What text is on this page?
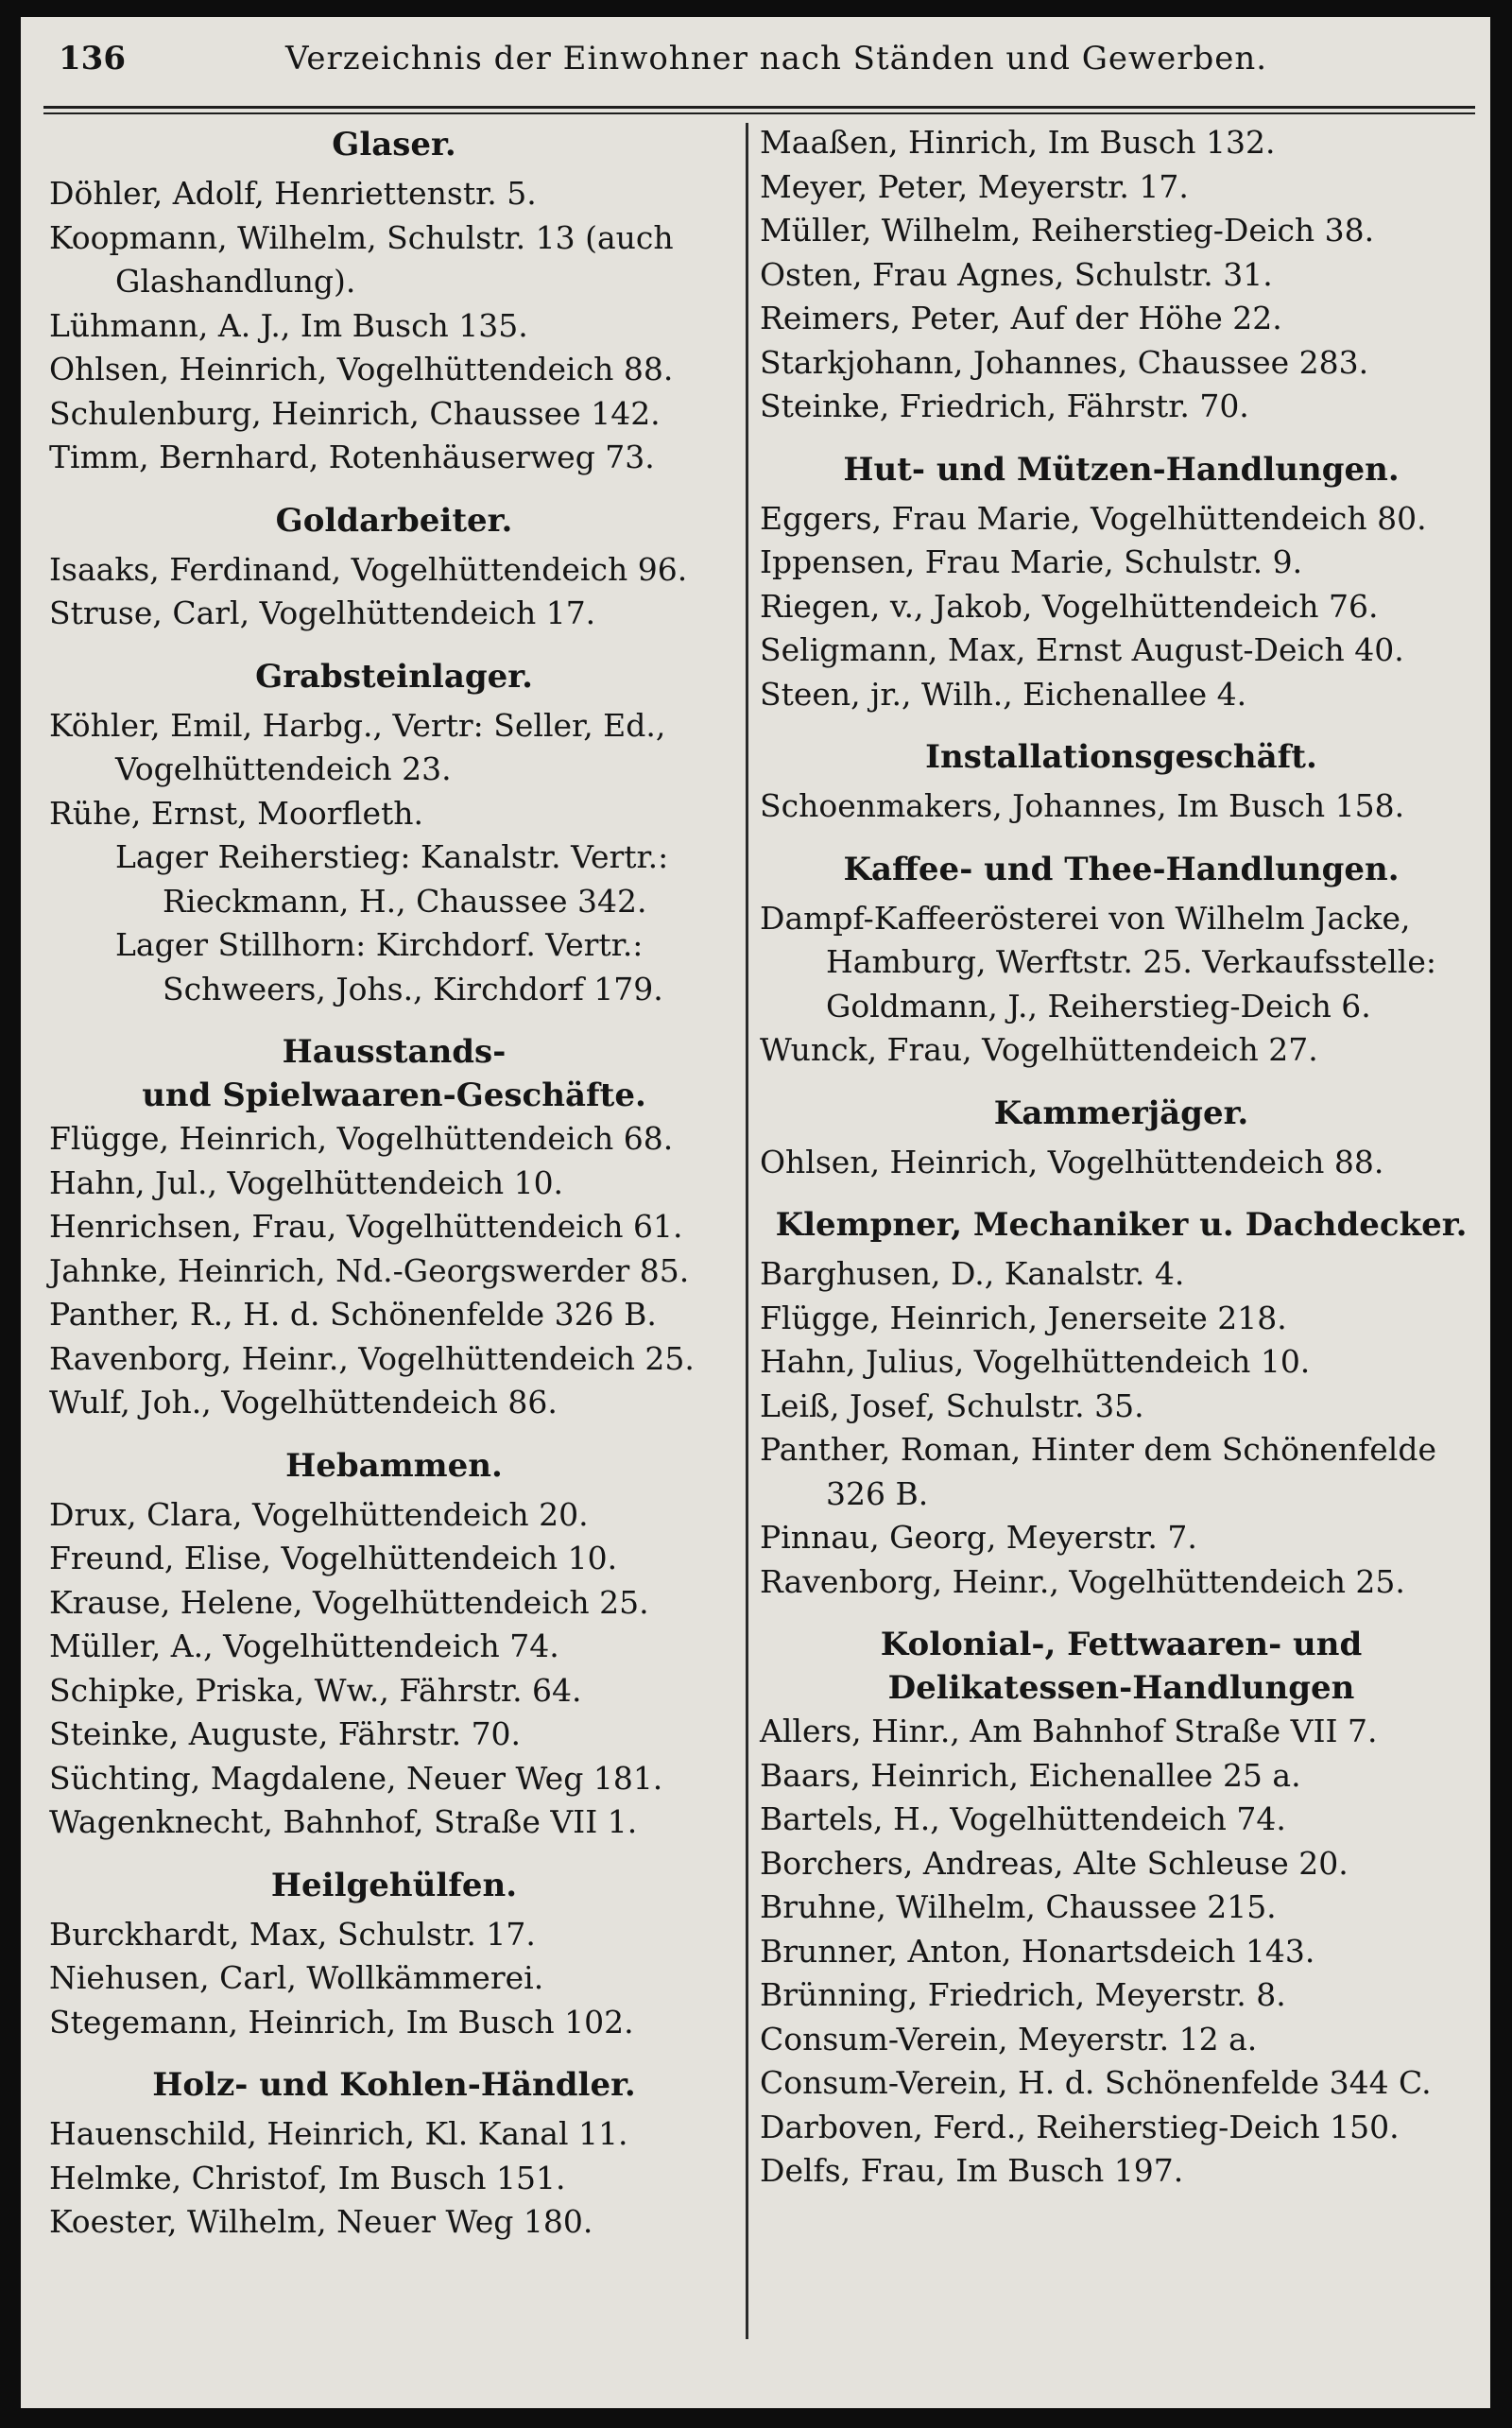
136	Verzeichnis der Einwohner nach Ständen und Gewerben.
Glaser.
Döhler, Adolf, Henriettenstr. 5.
Koopmann, Wilhelm, Schulstr. 13 (auch Glashandlung).
Lühmann, A. J., Im Busch 135.
Ohlsen, Heinrich, Vogelhüttendeich 88.
Schulenburg, Heinrich, Chaussee 142.
Timm, Bernhard, Rotenhäuserweg 73.
Goldarbeiter.
Isaaks, Ferdinand, Vogelhüttendeich 96.
Struse, Carl, Vogelhüttendeich 17.
Grabsteinlager.
Köhler, Emil, Harbg., Vertr: Seller, Ed., Vogelhüttendeich 23.
Rühe, Ernst, Moorfleth.
Lager Reiherstieg: Kanalstr. Vertr.: Rieckmann, H., Chaussee 342.
Lager Stillhorn: Kirchdorf. Vertr.: Schweers, Johs., Kirchdorf 179.
Hausstands-
und Spielwaaren-Geschäfte.
Flügge, Heinrich, Vogelhüttendeich 68.
Hahn, Jul., Vogelhüttendeich 10.
Henrichsen, Frau, Vogelhüttendeich 61.
Jahnke, Heinrich, Nd.-Georgswerder 85.
Panther, R., H. d. Schönenfelde 326 B.
Ravenborg, Heinr., Vogelhüttendeich 25.
Wulf, Joh., Vogelhüttendeich 86.
Hebammen.
Drux, Clara, Vogelhüttendeich 20.
Freund, Elise, Vogelhüttendeich 10.
Krause, Helene, Vogelhüttendeich 25.
Müller, A., Vogelhüttendeich 74.
Schipke, Priska, Ww., Fährstr. 64.
Steinke, Auguste, Fährstr. 70.
Süchting, Magdalene, Neuer Weg 181.
Wagenknecht, Bahnhof, Straße VII 1.
Heilgehülfen.
Burckhardt, Max, Schulstr. 17.
Niehusen, Carl, Wollkämmerei.
Stegemann, Heinrich, Im Busch 102.
Holz- und Kohlen-Händler.
Hauenschild, Heinrich, Kl. Kanal 11.
Helmke, Christof, Im Busch 151.
Koester, Wilhelm, Neuer Weg 180.
Maaßen, Hinrich, Im Busch 132.
Meyer, Peter, Meyerstr. 17.
Müller, Wilhelm, Reiherstieg-Deich 38.
Osten, Frau Agnes, Schulstr. 31.
Reimers, Peter, Auf der Höhe 22.
Starkjohann, Johannes, Chaussee 283.
Steinke, Friedrich, Fährstr. 70.
Hut- und Mützen-Handlungen.
Eggers, Frau Marie, Vogelhüttendeich 80.
Ippensen, Frau Marie, Schulstr. 9.
Riegen, v., Jakob, Vogelhüttendeich 76.
Seligmann, Max, Ernst August-Deich 40.
Steen, jr., Wilh., Eichenallee 4.
Installationsgeschäft.
Schoenmakers, Johannes, Im Busch 158.
Kaffee- und Thee-Handlungen.
Dampf-Kaffeerösterei von Wilhelm Jacke, Hamburg, Werftstr. 25. Verkaufsstelle: Goldmann, J., Reiherstieg-Deich 6.
Wunck, Frau, Vogelhüttendeich 27.
Kammerjäger.
Ohlsen, Heinrich, Vogelhüttendeich 88.
Klempner, Mechaniker u. Dachdecker.
Barghusen, D., Kanalstr. 4.
Flügge, Heinrich, Jenerseite 218.
Hahn, Julius, Vogelhüttendeich 10.
Leiß, Josef, Schulstr. 35.
Panther, Roman, Hinter dem Schönenfelde 326 B.
Pinnau, Georg, Meyerstr. 7.
Ravenborg, Heinr., Vogelhüttendeich 25.
Kolonial-, Fettwaaren- und
Delikatessen-Handlungen
Allers, Hinr., Am Bahnhof Straße VII 7.
Baars, Heinrich, Eichenallee 25 a.
Bartels, H., Vogelhüttendeich 74.
Borchers, Andreas, Alte Schleuse 20.
Bruhne, Wilhelm, Chaussee 215.
Brunner, Anton, Honartsdeich 143.
Brünning, Friedrich, Meyerstr. 8.
Consum-Verein, Meyerstr. 12 a.
Consum-Verein, H. d. Schönenfelde 344 C.
Darboven, Ferd., Reiherstieg-Deich 150.
Delfs, Frau, Im Busch 197.
